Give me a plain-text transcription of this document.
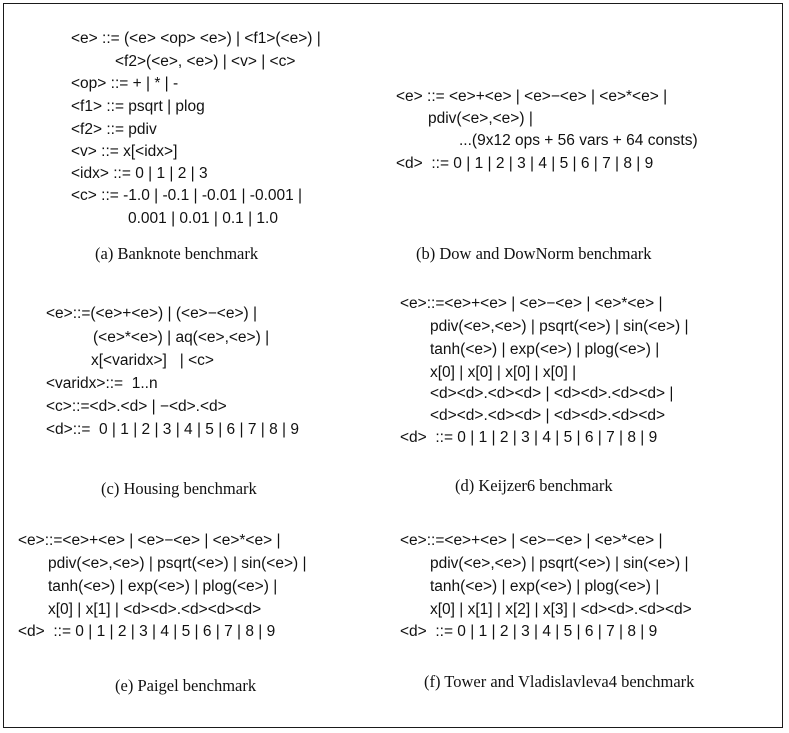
<e> ::= (<e> <op> <e>) | <f1>(<e>) |

<f2>(<e>, <e>) | <v> | <c>

<op> ::= + | * | -

<f1> ::= psqrt | plog

<f2> ::= pdiv

<v> ::= x[<idx>]

<idx> ::= 0 | 1 | 2 | 3

<c> ::= -1.0 | -0.1 | -0.01 | -0.001 |

0.001 | 0.01 | 0.1 | 1.0

(a) Banknote benchmark

<e> ::= <e>+<e> | <e>−<e> | <e>*<e> |

pdiv(<e>,<e>) |

...(9x12 ops + 56 vars + 64 consts)

<d>  ::= 0 | 1 | 2 | 3 | 4 | 5 | 6 | 7 | 8 | 9

(b) Dow and DowNorm benchmark

<e>::=(<e>+<e>) | (<e>−<e>) |

(<e>*<e>) | aq(<e>,<e>) |

x[<varidx>]   | <c>

<varidx>::=  1..n

<c>::=<d>.<d> | −<d>.<d>

<d>::=  0 | 1 | 2 | 3 | 4 | 5 | 6 | 7 | 8 | 9

(c) Housing benchmark

<e>::=<e>+<e> | <e>−<e> | <e>*<e> |

pdiv(<e>,<e>) | psqrt(<e>) | sin(<e>) |

tanh(<e>) | exp(<e>) | plog(<e>) |

x[0] | x[0] | x[0] | x[0] |

<d><d>.<d><d> | <d><d>.<d><d> |

<d><d>.<d><d> | <d><d>.<d><d>

<d>  ::= 0 | 1 | 2 | 3 | 4 | 5 | 6 | 7 | 8 | 9

(d) Keijzer6 benchmark

<e>::=<e>+<e> | <e>−<e> | <e>*<e> |

pdiv(<e>,<e>) | psqrt(<e>) | sin(<e>) |

tanh(<e>) | exp(<e>) | plog(<e>) |

x[0] | x[1] | <d><d>.<d><d><d>

<d>  ::= 0 | 1 | 2 | 3 | 4 | 5 | 6 | 7 | 8 | 9

(e) Paigel benchmark

<e>::=<e>+<e> | <e>−<e> | <e>*<e> |

pdiv(<e>,<e>) | psqrt(<e>) | sin(<e>) |

tanh(<e>) | exp(<e>) | plog(<e>) |

x[0] | x[1] | x[2] | x[3] | <d><d>.<d><d>

<d>  ::= 0 | 1 | 2 | 3 | 4 | 5 | 6 | 7 | 8 | 9

(f) Tower and Vladislavleva4 benchmark
